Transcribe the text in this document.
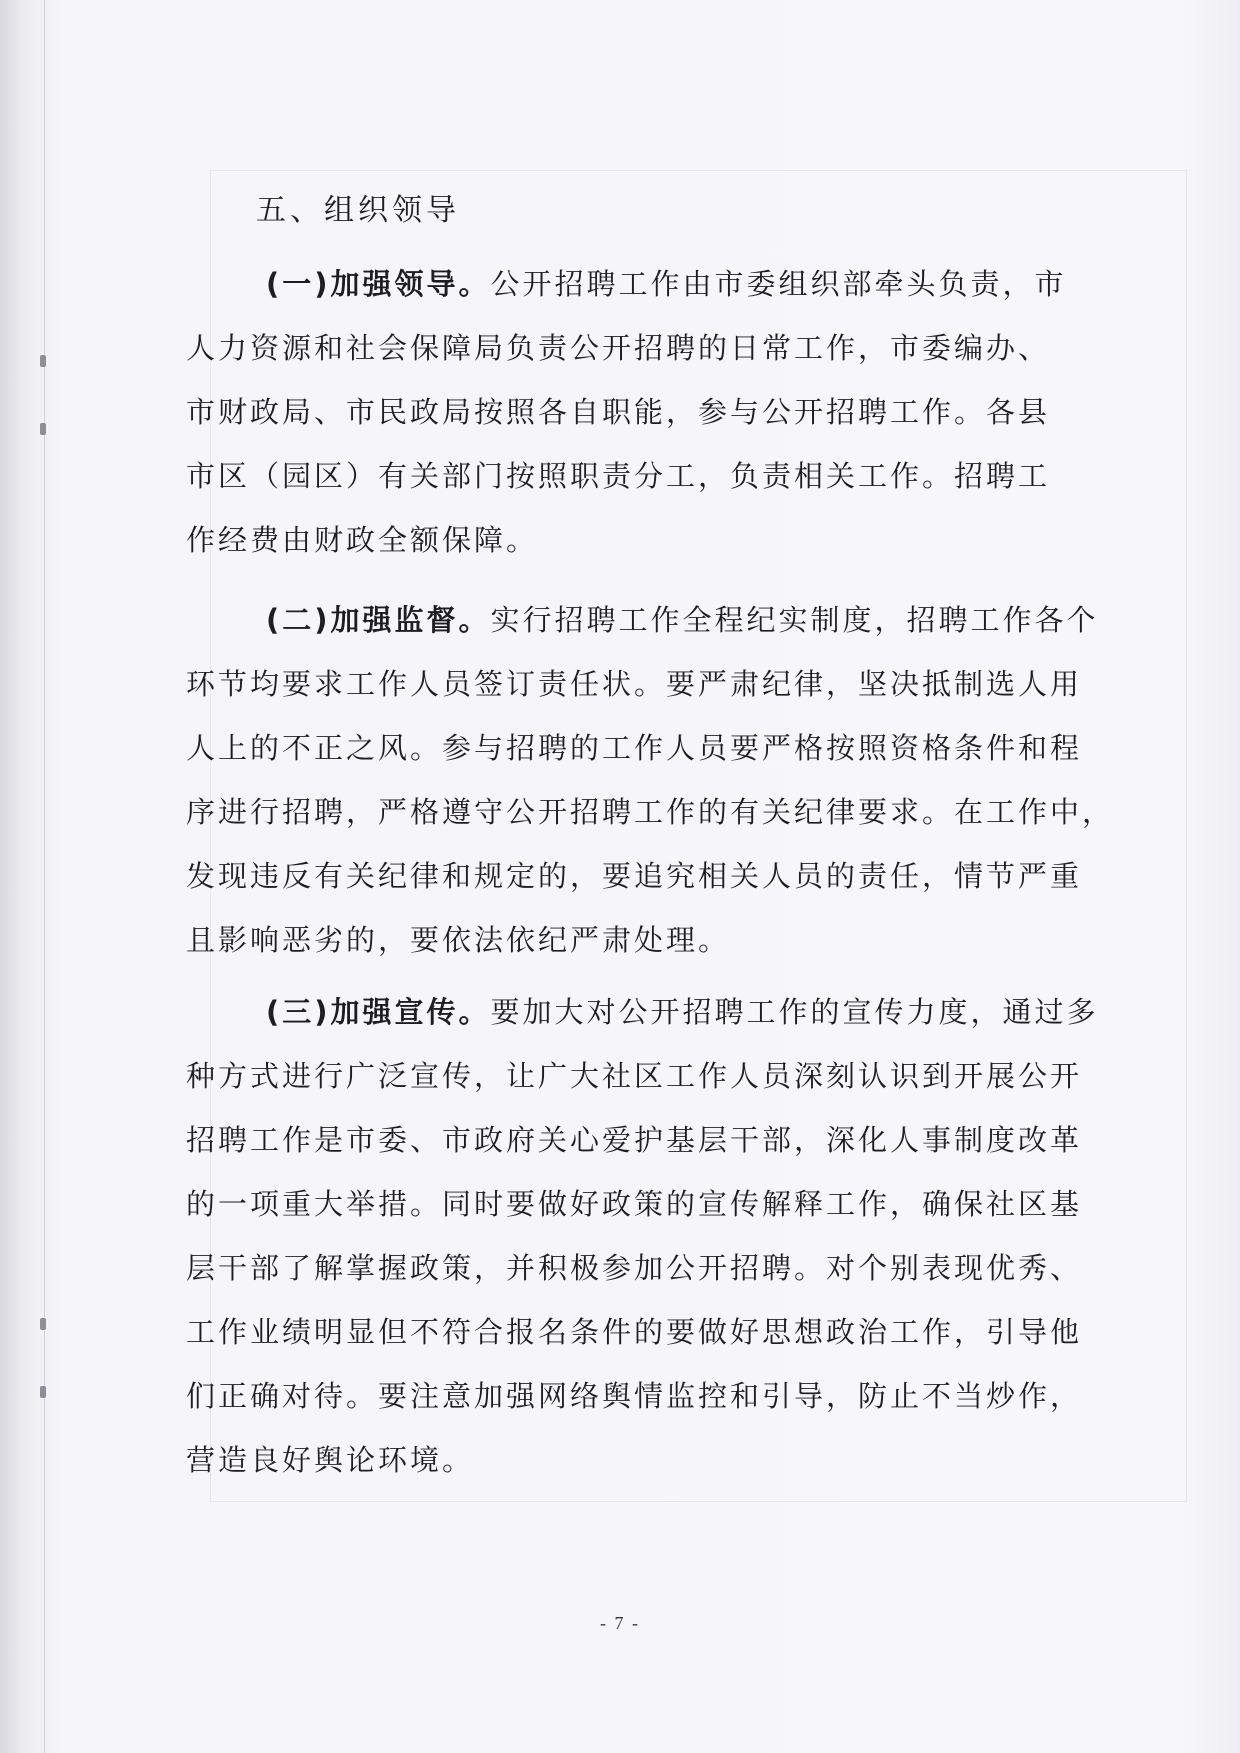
五、组织领导
(一)加强领导。公开招聘工作由市委组织部牵头负责，市
人力资源和社会保障局负责公开招聘的日常工作，市委编办、
市财政局、市民政局按照各自职能，参与公开招聘工作。各县
市区（园区）有关部门按照职责分工，负责相关工作。招聘工
作经费由财政全额保障。
(二)加强监督。实行招聘工作全程纪实制度，招聘工作各个
环节均要求工作人员签订责任状。要严肃纪律，坚决抵制选人用
人上的不正之风。参与招聘的工作人员要严格按照资格条件和程
序进行招聘，严格遵守公开招聘工作的有关纪律要求。在工作中，
发现违反有关纪律和规定的，要追究相关人员的责任，情节严重
且影响恶劣的，要依法依纪严肃处理。
(三)加强宣传。要加大对公开招聘工作的宣传力度，通过多
种方式进行广泛宣传，让广大社区工作人员深刻认识到开展公开
招聘工作是市委、市政府关心爱护基层干部，深化人事制度改革
的一项重大举措。同时要做好政策的宣传解释工作，确保社区基
层干部了解掌握政策，并积极参加公开招聘。对个别表现优秀、
工作业绩明显但不符合报名条件的要做好思想政治工作，引导他
们正确对待。要注意加强网络舆情监控和引导，防止不当炒作，
营造良好舆论环境。
- 7 -
